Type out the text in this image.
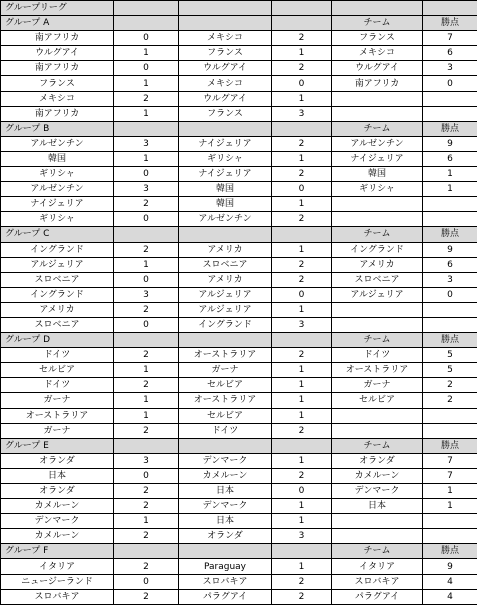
グループリーグ					
グループ A				チーム	勝点
南アフリカ	0	メキシコ	2	フランス	7
ウルグアイ	1	フランス	1	メキシコ	6
南アフリカ	0	ウルグアイ	2	ウルグアイ	3
フランス	1	メキシコ	0	南アフリカ	0
メキシコ	2	ウルグアイ	1		
南アフリカ	1	フランス	3		
グループ B				チーム	勝点
アルゼンチン	3	ナイジェリア	2	アルゼンチン	9
韓国	1	ギリシャ	1	ナイジェリア	6
ギリシャ	0	ナイジェリア	2	韓国	1
アルゼンチン	3	韓国	0	ギリシャ	1
ナイジェリア	2	韓国	1		
ギリシャ	0	アルゼンチン	2		
グループ C				チーム	勝点
イングランド	2	アメリカ	1	イングランド	9
アルジェリア	1	スロベニア	2	アメリカ	6
スロベニア	0	アメリカ	2	スロベニア	3
イングランド	3	アルジェリア	0	アルジェリア	0
アメリカ	2	アルジェリア	1		
スロベニア	0	イングランド	3		
グループ D				チーム	勝点
ドイツ	2	オーストラリア	2	ドイツ	5
セルビア	1	ガーナ	1	オーストラリア	5
ドイツ	2	セルビア	1	ガーナ	2
ガーナ	1	オーストラリア	1	セルビア	2
オーストラリア	1	セルビア	1		
ガーナ	2	ドイツ	2		
グループ E				チーム	勝点
オランダ	3	デンマーク	1	オランダ	7
日本	0	カメルーン	2	カメルーン	7
オランダ	2	日本	0	デンマーク	1
カメルーン	2	デンマーク	1	日本	1
デンマーク	1	日本	1		
カメルーン	2	オランダ	3		
グループ F				チーム	勝点
イタリア	2	Paraguay	1	イタリア	9
ニュージーランド	0	スロバキア	2	スロバキア	4
スロバキア	2	パラグアイ	2	パラグアイ	4
